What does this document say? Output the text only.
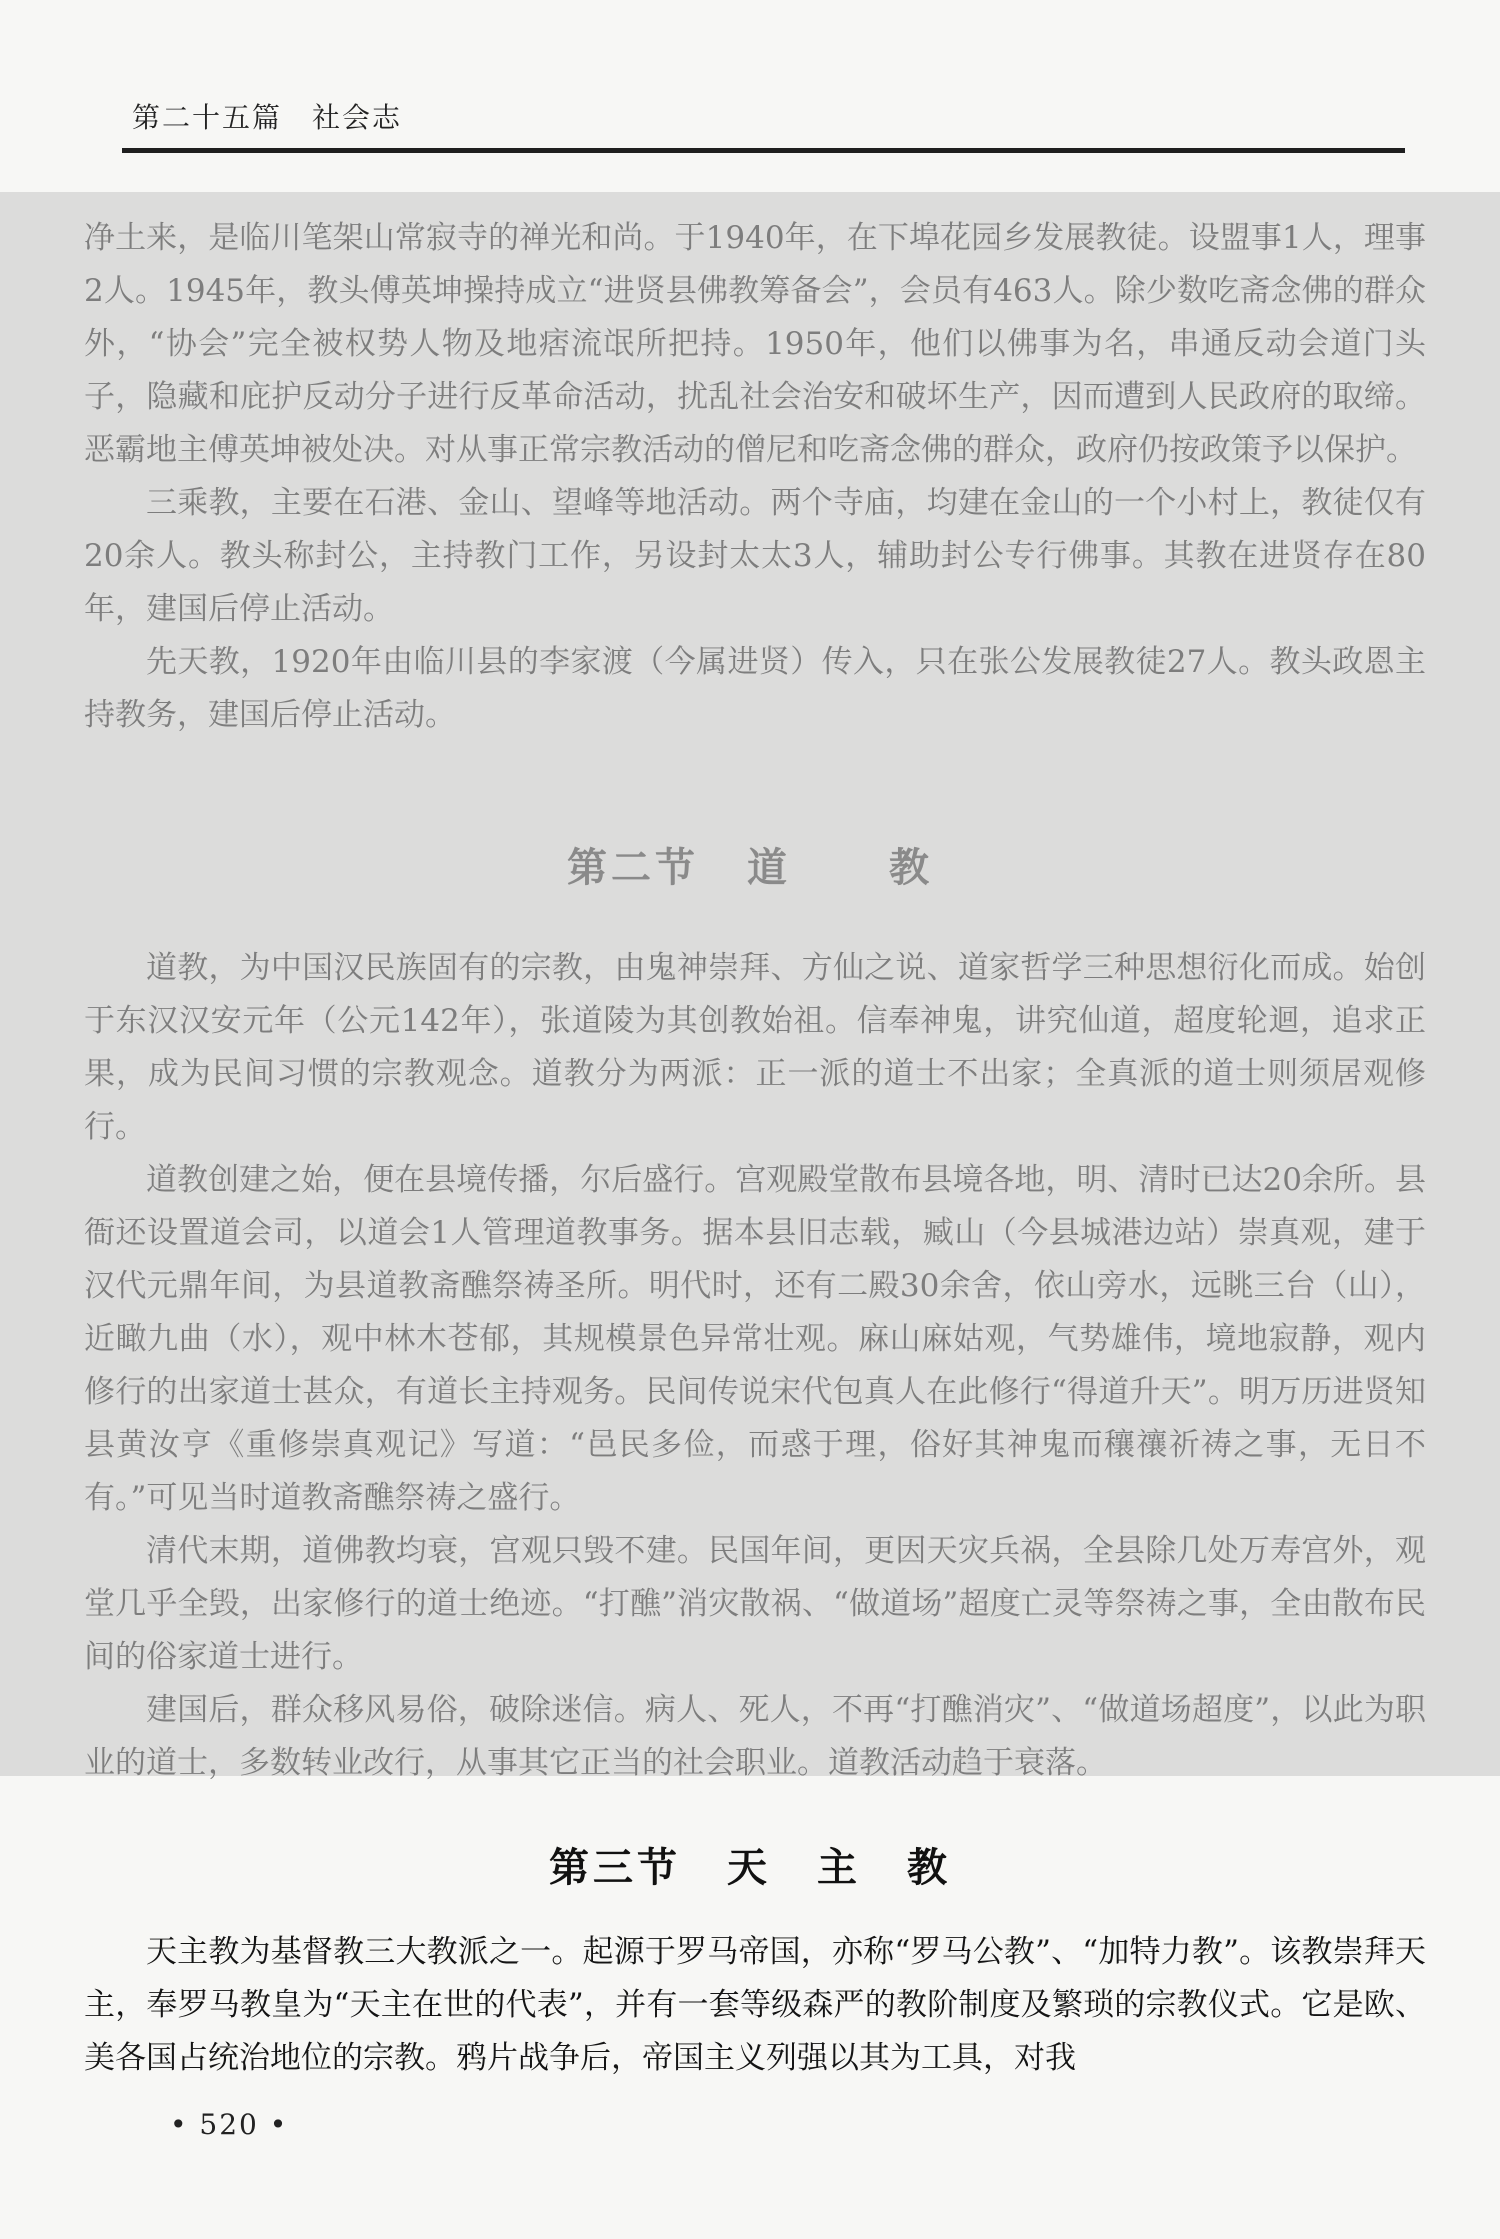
第二十五篇　社会志

净土来，是临川笔架山常寂寺的禅光和尚。于1940年，在下埠花园乡发展教徒。设盟事1人，理事2人。1945年，教头傅英坤操持成立“进贤县佛教筹备会”，会员有463人。除少数吃斋念佛的群众外，“协会”完全被权势人物及地痞流氓所把持。1950年，他们以佛事为名，串通反动会道门头子，隐藏和庇护反动分子进行反革命活动，扰乱社会治安和破坏生产，因而遭到人民政府的取缔。恶霸地主傅英坤被处决。对从事正常宗教活动的僧尼和吃斋念佛的群众，政府仍按政策予以保护。

三乘教，主要在石港、金山、望峰等地活动。两个寺庙，均建在金山的一个小村上，教徒仅有20余人。教头称封公，主持教门工作，另设封太太3人，辅助封公专行佛事。其教在进贤存在80年，建国后停止活动。

先天教，1920年由临川县的李家渡（今属进贤）传入，只在张公发展教徒27人。教头政恩主持教务，建国后停止活动。

第二节 道 教

道教，为中国汉民族固有的宗教，由鬼神崇拜、方仙之说、道家哲学三种思想衍化而成。始创于东汉汉安元年（公元142年），张道陵为其创教始祖。信奉神鬼，讲究仙道，超度轮迴，追求正果，成为民间习惯的宗教观念。道教分为两派：正一派的道士不出家；全真派的道士则须居观修行。

道教创建之始，便在县境传播，尔后盛行。宫观殿堂散布县境各地，明、清时已达20余所。县衙还设置道会司，以道会1人管理道教事务。据本县旧志载，臧山（今县城港边站）崇真观，建于汉代元鼎年间，为县道教斋醮祭祷圣所。明代时，还有二殿30余舍，依山旁水，远眺三台（山），近瞰九曲（水），观中林木苍郁，其规模景色异常壮观。麻山麻姑观，气势雄伟，境地寂静，观内修行的出家道士甚众，有道长主持观务。民间传说宋代包真人在此修行“得道升天”。明万历进贤知县黄汝亨《重修崇真观记》写道：“邑民多俭，而惑于理，俗好其神鬼而穰禳祈祷之事，无日不有。”可见当时道教斋醮祭祷之盛行。

清代末期，道佛教均衰，宫观只毁不建。民国年间，更因天灾兵祸，全县除几处万寿宫外，观堂几乎全毁，出家修行的道士绝迹。“打醮”消灾散祸、“做道场”超度亡灵等祭祷之事，全由散布民间的俗家道士进行。

建国后，群众移风易俗，破除迷信。病人、死人，不再“打醮消灾”、“做道场超度”，以此为职业的道士，多数转业改行，从事其它正当的社会职业。道教活动趋于衰落。

第三节 天 主 教

天主教为基督教三大教派之一。起源于罗马帝国，亦称“罗马公教”、“加特力教”。该教崇拜天主，奉罗马教皇为“天主在世的代表”，并有一套等级森严的教阶制度及繁琐的宗教仪式。它是欧、美各国占统治地位的宗教。鸦片战争后，帝国主义列强以其为工具，对我

• 520 •
